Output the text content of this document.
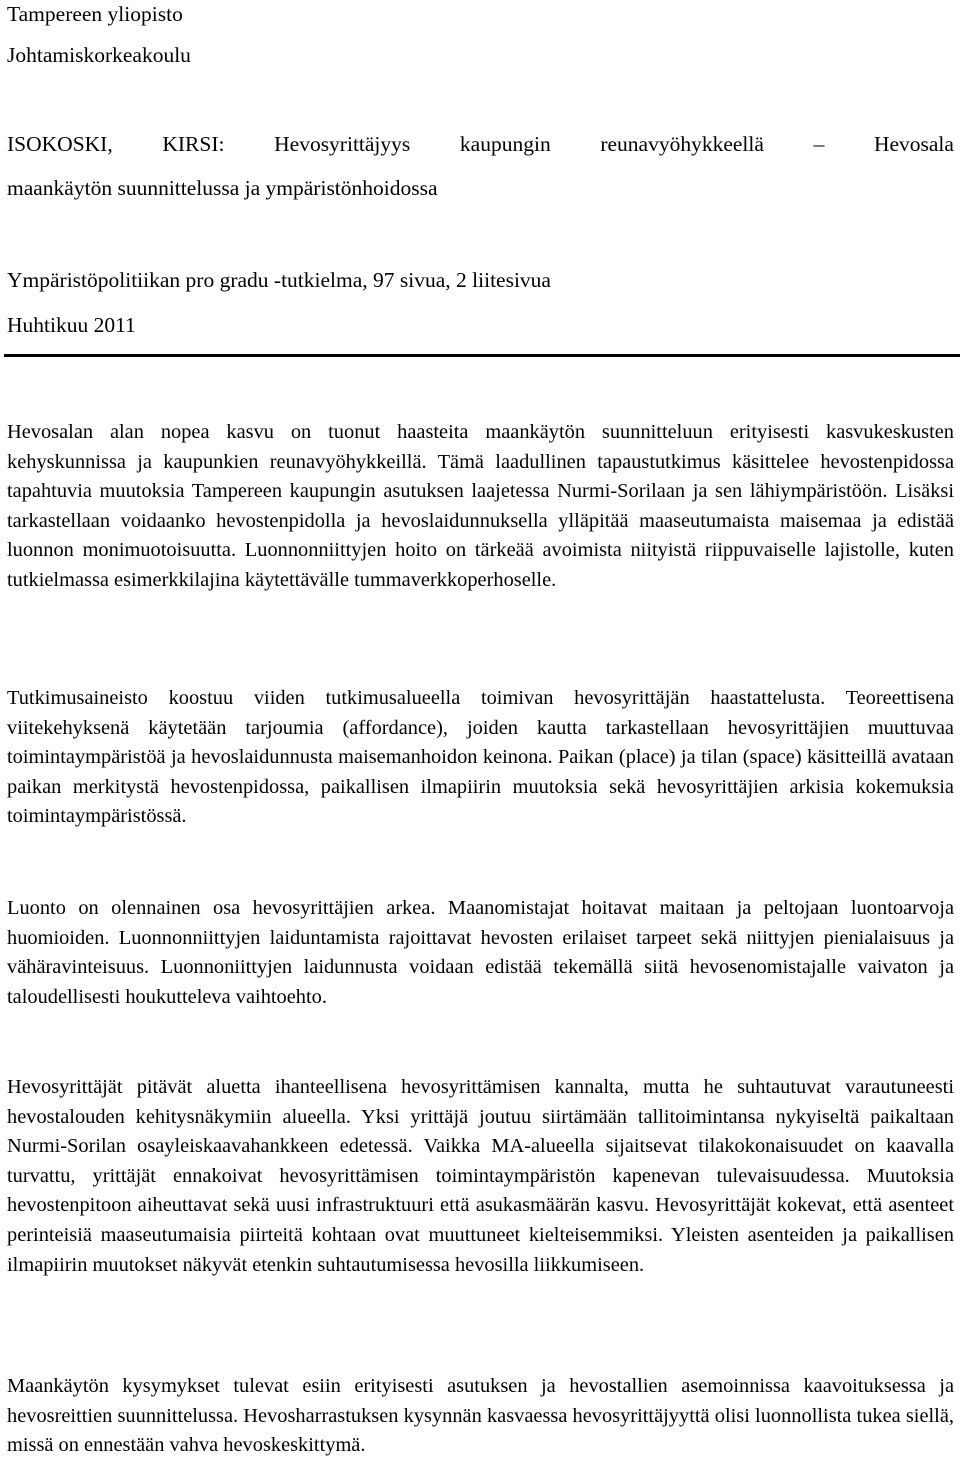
Tampereen yliopisto
Johtamiskorkeakoulu
ISOKOSKI, KIRSI: Hevosyrittäjyys kaupungin reunavyöhykkeellä – Hevosala
maankäytön suunnittelussa ja ympäristönhoidossa
Ympäristöpolitiikan pro gradu -tutkielma, 97 sivua, 2 liitesivua
Huhtikuu 2011

Hevosalan alan nopea kasvu on tuonut haasteita maankäytön suunnitteluun erityisesti kasvukeskusten kehyskunnissa ja kaupunkien reunavyöhykkeillä. Tämä laadullinen tapaustutkimus käsittelee hevostenpidossa tapahtuvia muutoksia Tampereen kaupungin asutuksen laajetessa Nurmi-Sorilaan ja sen lähiympäristöön. Lisäksi tarkastellaan voidaanko hevostenpidolla ja hevoslaidunnuksella ylläpitää maaseutumaista maisemaa ja edistää luonnon monimuotoisuutta. Luonnonniittyjen hoito on tärkeää avoimista niityistä riippuvaiselle lajistolle, kuten tutkielmassa esimerkkilajina käytettävälle tummaverkkoperhoselle.

Tutkimusaineisto koostuu viiden tutkimusalueella toimivan hevosyrittäjän haastattelusta. Teoreettisena viitekehyksenä käytetään tarjoumia (affordance), joiden kautta tarkastellaan hevosyrittäjien muuttuvaa toimintaympäristöä ja hevoslaidunnusta maisemanhoidon keinona. Paikan (place) ja tilan (space) käsitteillä avataan paikan merkitystä hevostenpidossa, paikallisen ilmapiirin muutoksia sekä hevosyrittäjien arkisia kokemuksia toimintaympäristössä.

Luonto on olennainen osa hevosyrittäjien arkea. Maanomistajat hoitavat maitaan ja peltojaan luontoarvoja huomioiden. Luonnonniittyjen laiduntamista rajoittavat hevosten erilaiset tarpeet sekä niittyjen pienialaisuus ja vähäravinteisuus. Luonnoniittyjen laidunnusta voidaan edistää tekemällä siitä hevosenomistajalle vaivaton ja taloudellisesti houkutteleva vaihtoehto.

Hevosyrittäjät pitävät aluetta ihanteellisena hevosyrittämisen kannalta, mutta he suhtautuvat varautuneesti hevostalouden kehitysnäkymiin alueella. Yksi yrittäjä joutuu siirtämään tallitoimintansa nykyiseltä paikaltaan Nurmi-Sorilan osayleiskaavahankkeen edetessä. Vaikka MA-alueella sijaitsevat tilakokonaisuudet on kaavalla turvattu, yrittäjät ennakoivat hevosyrittämisen toimintaympäristön kapenevan tulevaisuudessa. Muutoksia hevostenpitoon aiheuttavat sekä uusi infrastruktuuri että asukasmäärän kasvu. Hevosyrittäjät kokevat, että asenteet perinteisiä maaseutumaisia piirteitä kohtaan ovat muuttuneet kielteisemmiksi. Yleisten asenteiden ja paikallisen ilmapiirin muutokset näkyvät etenkin suhtautumisessa hevosilla liikkumiseen.

Maankäytön kysymykset tulevat esiin erityisesti asutuksen ja hevostallien asemoinnissa kaavoituksessa ja hevosreittien suunnittelussa. Hevosharrastuksen kysynnän kasvaessa hevosyrittäjyyttä olisi luonnollista tukea siellä, missä on ennestään vahva hevoskeskittymä.
